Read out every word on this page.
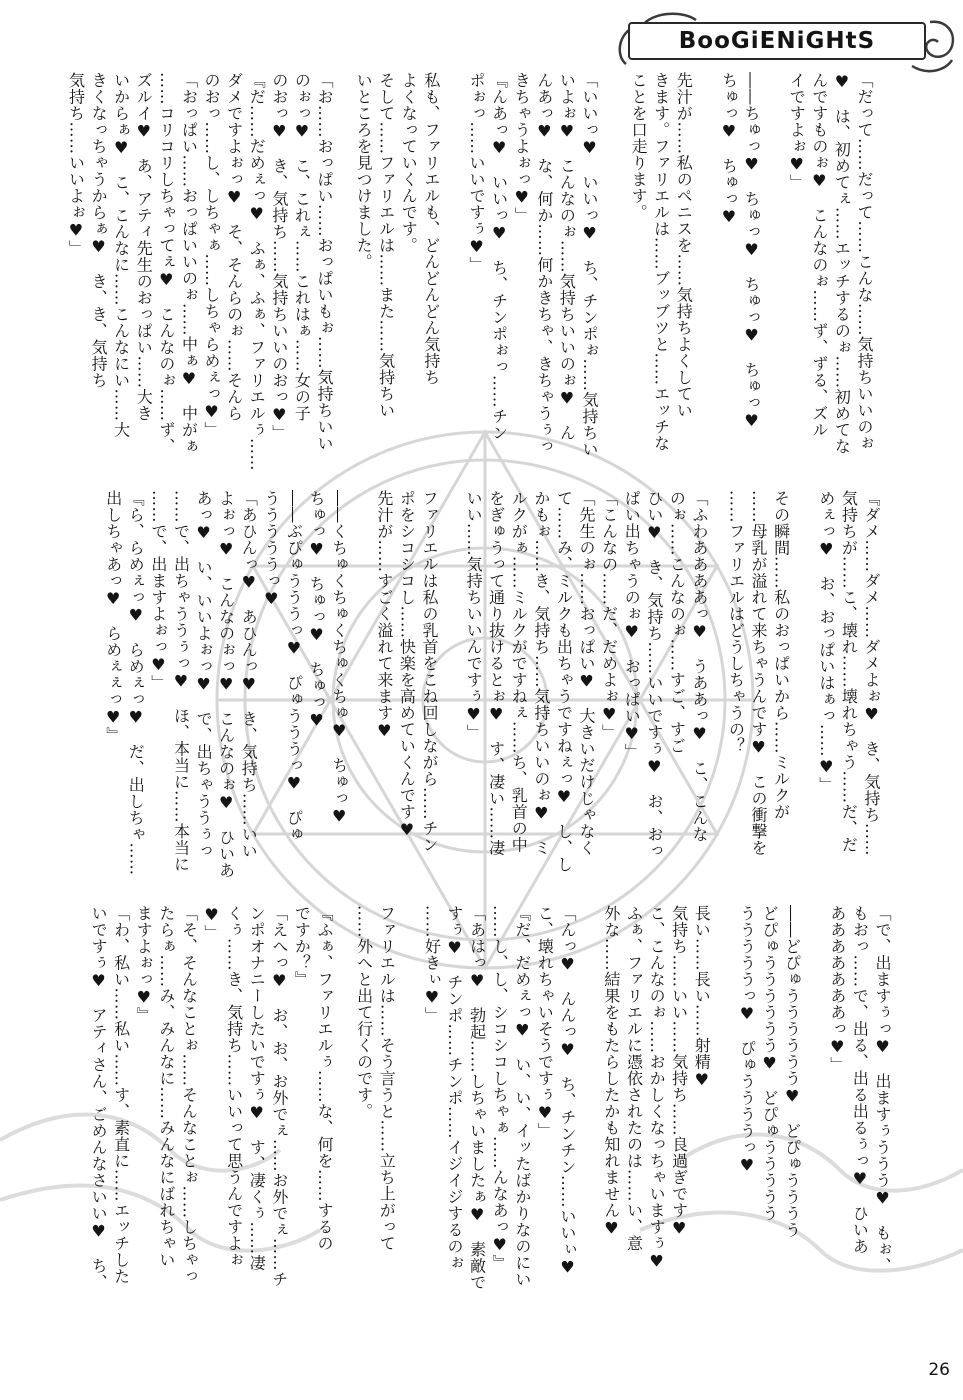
BooGiENiGHtS
「だって……だって……こんな……気持ちいいのぉ
♥　は、初めてぇ……エッチするのぉ……初めてな
んですものぉ♥　こんなのぉ……ず、ずる、ズル
イですよぉ♥」

――ちゅっ♥　ちゅっ♥　ちゅっ♥　ちゅっ♥
ちゅっ♥　ちゅっ♥

先汁が……私のペニスを……気持ちよくしてい
きます。ファリエルは……ブッブツと……エッチな
ことを口走ります。
「いいっ♥　いいっ♥　ち、チンポぉ……気持ちい
いよぉ♥　こんなのぉ……気持ちいいのぉ♥　ん
んあっ♥　な、何か……何かきちゃ、きちゃうぅっ
きちゃうよぉっ♥」
『んあっ♥　いいっ♥　ち、チンポぉっ……チン
ポぉっ……いいですぅ♥」

私も、ファリエルも、どんどんどん気持ち
よくなっていくんです。
そして……ファリエルは……また……気持ちい
いところを見つけました。
「お……おっぱい……おっぱいもぉ……気持ちいい
のぉっ♥　こ、これぇ……これはぁ……女の子
のおっ♥　き、気持ち……気持ちいいのおっ♥」
『だ……だめぇっ♥　ふぁ、ふぁ、ファリエルぅ……
ダメですよぉっ♥　そ、そんらのぉ……そんら
のおっ……し、しちゃぁ……しちゃらめぇっ♥」
「おっぱい……おっぱいいのぉ……中ぁ♥　中がぁ
……コリコリしちゃってぇ♥　こんなのぉ……ず、
ズルイ♥　あ、アティ先生のおっぱい……大き
いからぁ♥　こ、こんなに……こんなにい……大
きくなっちゃうからぁ♥　き、き、気持ち
気持ち……いいよぉ♥」
『ダメ……ダメ……ダメよぉ♥　き、気持ち……
気持ちが……こ、壊れ……壊れちゃう……だ、だ
めぇっ♥　お、おっぱいはぁっ……♥」

その瞬間……私のおっぱいから……ミルクが
……母乳が溢れて来ちゃうんです♥　この衝撃を
……ファリエルはどうしちゃうの？
「ふわああああっ♥　うああっ♥　こ、こんな
のぉ……こんなのぉ……すご、すご
ひい♥　き、気持ち……いいですぅ♥　お、おっ
ぱい出ちゃうのぉ♥　おっぱい♥」
「こんなの……だ、だめよぉ♥」
「先生のぉ……おっぱい♥　大きいだけじゃなく
て……み、ミルクも出ちゃうですねぇっ♥　し、し
かもぉ……き、気持ち……気持ちいいのぉ♥　ミ
ルクがぁ……ミルクがですねぇ……ち、乳首の中
をぎゅうって通り抜けるとぉ♥　す、凄い……凄
いい……気持ちいいんですぅ♥」
ファリエルは私の乳首をこね回しながら……チン
ポをシコシコし……快楽を高めていくんです♥
先汁が……すごく溢れて来ます♥

――くちゅくちゅくちゅくちゅ♥　ちゅっ♥
ちゅっ♥　ちゅっ♥　ちゅっ♥
――ぶぴゅうううっ♥　ぴゅうううっ♥　ぴゅ
うううううっ♥
「あひんっ♥　あひんっ♥　き、気持ち……いい
よぉっ♥　こんなのぉっ♥　こんなのぉ♥　ひいあ
あっ♥　い、いいよぉっ♥　で、出ちゃううぅっ
……で、出ちゃううぅっ♥　ほ、本当に……本当に
……で、出ますよぉっ♥」
『ら、らめぇっ♥　らめぇっ♥　だ、出しちゃ……
出しちゃあっ♥　らめぇぇっ♥』
「で、出ますぅっ♥　出ますぅううう♥　もぉ、
もおっ……で、出る、出る出るぅっ♥　ひいあ
あああああああっ♥」

――どぴゅうううううう♥　どぴゅうううう
どぴゅうううううう♥　どぴゅううううう
うううううっ♥　ぴゅううううっ♥

長い……長い……射精♥
気持ち……いい……気持ち……良過ぎです♥
こ、こんなのぉ……おかしくなっちゃいますぅ♥
ふぁ、ファリエルに憑依されたのは……い、意
外な……結果をもたらしたかも知れません♥
「んっ♥　んんっ♥　ち、チンチン……いいぃ♥
こ、壊れちゃいそうですぅ♥」
『だ、だめぇっ♥　い、い、イッたばかりなのにい
……し、し、シコシコしちゃぁ……んなあっ♥』
「あはっ♥　勃起……しちゃいましたぁ♥　素敵で
すぅ♥　チンポ……チンポ……イジイジするのぉ
……好きぃ♥」

ファリエルは……そう言うと……立ち上がって
……外へと出て行くのです。
『ふぁ、ファリエルぅ……な、何を……するの
ですか？』
「えへっ♥　お、お、お外でぇ……お外でぇ……チ
ンポオナニーしたいですぅ♥　す、凄くぅ……凄
くぅ……き、気持ち……いいって思うんですよぉ
♥」
「そ、そんなことぉ……そんなことぉ……しちゃっ
たらぁ……み、みんなに……みんなにばれちゃい
ますよぉっ♥』
「わ、私い……私い……す、素直に……エッチした
いですぅ♥　アティさん、ごめんなさいい♥　ち、
26
